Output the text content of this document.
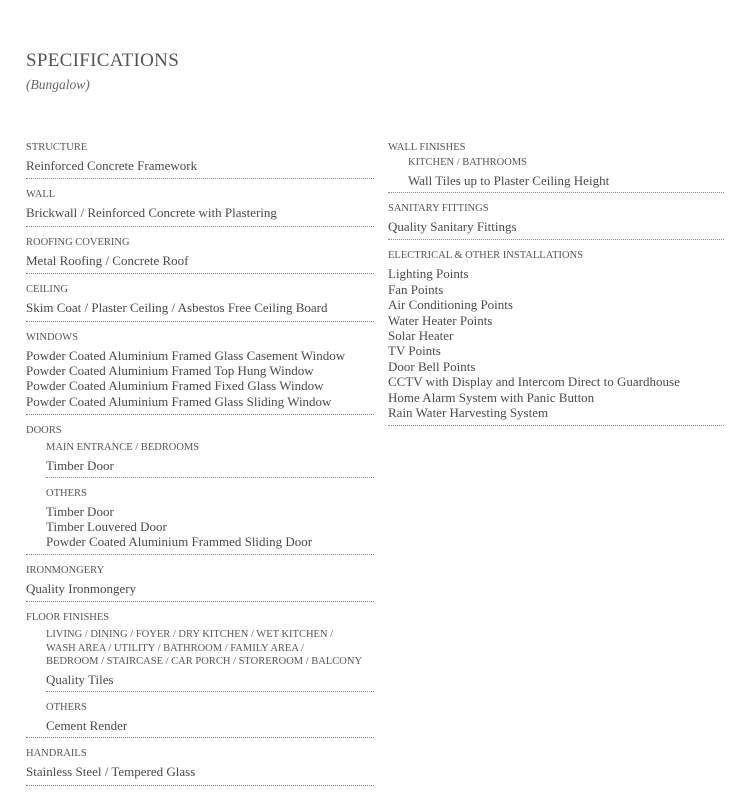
SPECIFICATIONS
(Bungalow)
STRUCTURE
Reinforced Concrete Framework
WALL
Brickwall / Reinforced Concrete with Plastering
ROOFING COVERING
Metal Roofing / Concrete Roof
CEILING
Skim Coat / Plaster Ceiling / Asbestos Free Ceiling Board
WINDOWS
Powder Coated Aluminium Framed Glass Casement Window
Powder Coated Aluminium Framed Top Hung Window
Powder Coated Aluminium Framed Fixed Glass Window
Powder Coated Aluminium Framed Glass Sliding Window
DOORS
MAIN ENTRANCE / BEDROOMS
Timber Door
OTHERS
Timber Door
Timber Louvered Door
Powder Coated Aluminium Frammed Sliding Door
IRONMONGERY
Quality Ironmongery
FLOOR FINISHES
LIVING / DINING / FOYER / DRY KITCHEN / WET KITCHEN /
WASH AREA / UTILITY / BATHROOM / FAMILY AREA /
BEDROOM / STAIRCASE / CAR PORCH / STOREROOM / BALCONY
Quality Tiles
OTHERS
Cement Render
HANDRAILS
Stainless Steel / Tempered Glass
WALL FINISHES
KITCHEN / BATHROOMS
Wall Tiles up to Plaster Ceiling Height
SANITARY FITTINGS
Quality Sanitary Fittings
ELECTRICAL & OTHER INSTALLATIONS
Lighting Points
Fan Points
Air Conditioning Points
Water Heater Points
Solar Heater
TV Points
Door Bell Points
CCTV with Display and Intercom Direct to Guardhouse
Home Alarm System with Panic Button
Rain Water Harvesting System
